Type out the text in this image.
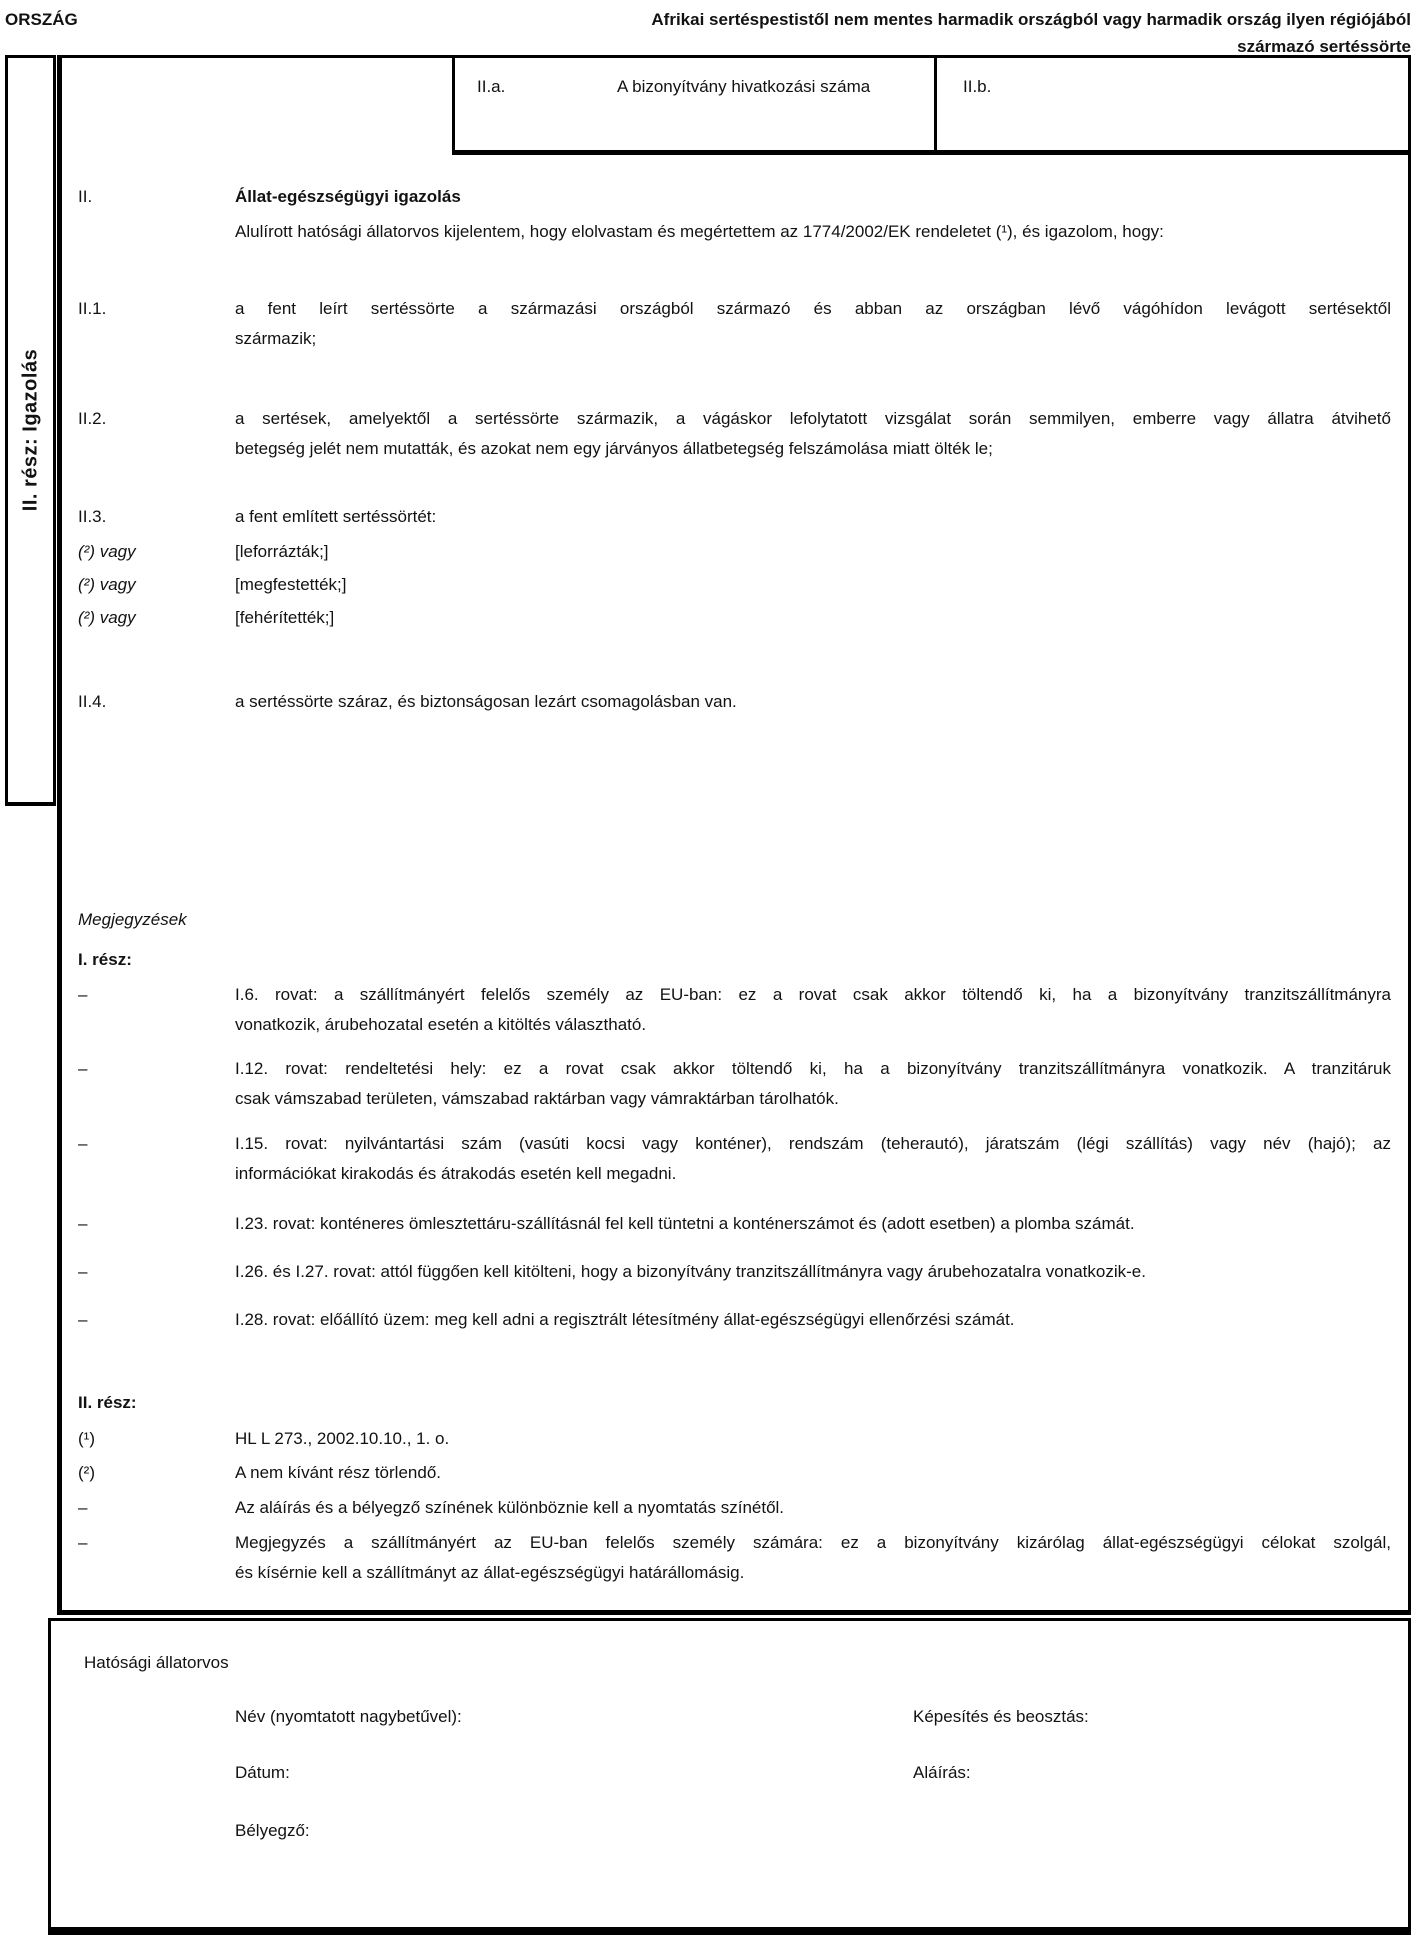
ORSZÁG	Afrikai sertéspestistől nem mentes harmadik országból vagy harmadik ország ilyen régiójából
származó sertéssörte
II. rész: Igazolás
II.a.	A bizonyítvány hivatkozási száma	II.b.
II.	Állat-egészségügyi igazolás
Alulírott hatósági állatorvos kijelentem, hogy elolvastam és megértettem az 1774/2002/EK rendeletet (¹), és igazolom, hogy:
II.1.	a fent leírt sertéssörte a származási országból származó és abban az országban lévő vágóhídon levágott sertésektől
származik;
II.2.	a sertések, amelyektől a sertéssörte származik, a vágáskor lefolytatott vizsgálat során semmilyen, emberre vagy állatra átvihető
betegség jelét nem mutatták, és azokat nem egy járványos állatbetegség felszámolása miatt ölték le;
II.3.	a fent említett sertéssörtét:
(²) vagy	[leforrázták;]
(²) vagy	[megfestették;]
(²) vagy	[fehérítették;]
II.4.	a sertéssörte száraz, és biztonságosan lezárt csomagolásban van.
Megjegyzések
I. rész:
–	I.6. rovat: a szállítmányért felelős személy az EU-ban: ez a rovat csak akkor töltendő ki, ha a bizonyítvány tranzitszállítmányra
vonatkozik, árubehozatal esetén a kitöltés választható.
–	I.12. rovat: rendeltetési hely: ez a rovat csak akkor töltendő ki, ha a bizonyítvány tranzitszállítmányra vonatkozik. A tranzitáruk
csak vámszabad területen, vámszabad raktárban vagy vámraktárban tárolhatók.
–	I.15. rovat: nyilvántartási szám (vasúti kocsi vagy konténer), rendszám (teherautó), járatszám (légi szállítás) vagy név (hajó); az
információkat kirakodás és átrakodás esetén kell megadni.
–	I.23. rovat: konténeres ömlesztettáru-szállításnál fel kell tüntetni a konténerszámot és (adott esetben) a plomba számát.
–	I.26. és I.27. rovat: attól függően kell kitölteni, hogy a bizonyítvány tranzitszállítmányra vagy árubehozatalra vonatkozik-e.
–	I.28. rovat: előállító üzem: meg kell adni a regisztrált létesítmény állat-egészségügyi ellenőrzési számát.
II. rész:
(¹)	HL L 273., 2002.10.10., 1. o.
(²)	A nem kívánt rész törlendő.
–	Az aláírás és a bélyegző színének különböznie kell a nyomtatás színétől.
–	Megjegyzés a szállítmányért az EU-ban felelős személy számára: ez a bizonyítvány kizárólag állat-egészségügyi célokat szolgál,
és kísérnie kell a szállítmányt az állat-egészségügyi határállomásig.
Hatósági állatorvos
Név (nyomtatott nagybetűvel):	Képesítés és beosztás:
Dátum:	Aláírás:
Bélyegző:
